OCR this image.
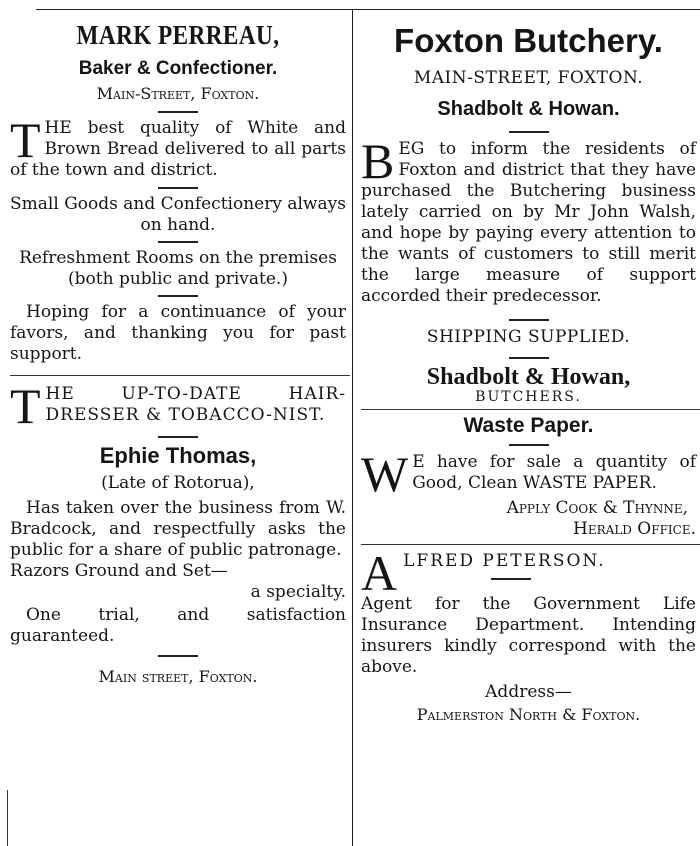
MARK PERREAU,
Baker & Confectioner.
Main-Street, Foxton.

THE best quality of White and Brown Bread delivered to all parts of the town and district.

Small Goods and Confectionery always on hand.

Refreshment Rooms on the premises (both public and private.)

Hoping for a continuance of your favors, and thanking you for past support.

THE UP-TO-DATE HAIR-DRESSER & TOBACCO-NIST.

Ephie Thomas,
(Late of Rotorua),

Has taken over the business from W. Bradcock, and respectfully asks the public for a share of public patronage.

Razors Ground and Set—

a specialty.

One trial, and satisfaction guaranteed.

Main street, Foxton.
Foxton Butchery.
MAIN-STREET, FOXTON.
Shadbolt & Howan.

BEG to inform the residents of Foxton and district that they have purchased the Butchering business lately carried on by Mr John Walsh, and hope by paying every attention to the wants of customers to still merit the large measure of support accorded their predecessor.

SHIPPING SUPPLIED.
Shadbolt & Howan,
BUTCHERS.
Waste Paper.

W E have for sale a quantity of Good, Clean WASTE PAPER.

Apply Cook & Thynne,

Herald Office.

ALFRED PETERSON.

Agent for the Government Life Insurance Department. Intending insurers kindly correspond with the above.

Address—
Palmerston North & Foxton.
